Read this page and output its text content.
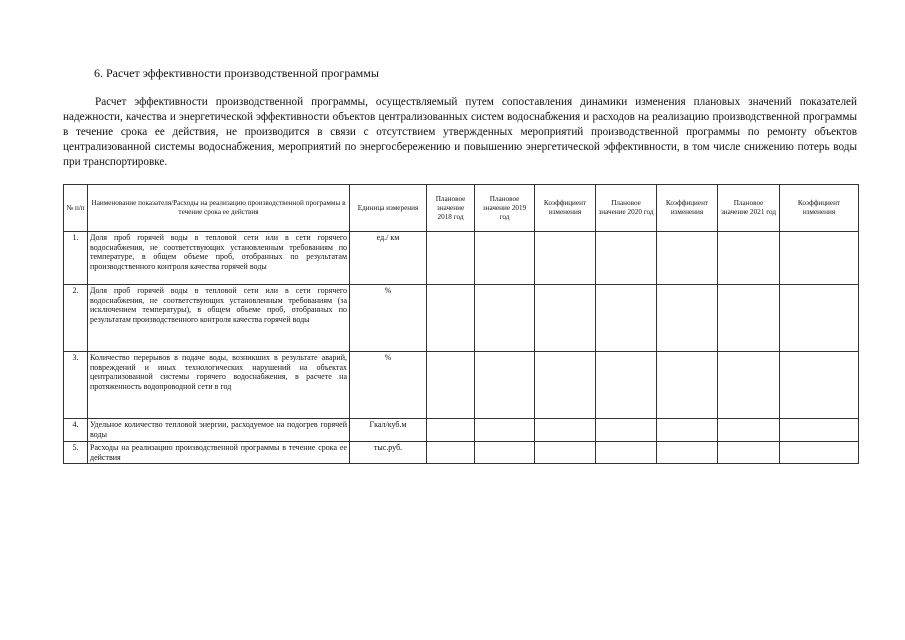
6. Расчет эффективности производственной программы
Расчет эффективности производственной программы, осуществляемый путем сопоставления динамики изменения плановых значений показателей надежности, качества и энергетической эффективности объектов централизованных систем водоснабжения и расходов на реализацию производственной программы в течение срока ее действия, не производится в связи с отсутствием утвержденных мероприятий производственной программы по ремонту объектов централизованной системы водоснабжения, мероприятий по энергосбережению и повышению энергетической эффективности, в том числе снижению потерь воды при транспортировке.
№ п/п	Наименование показателя/Расходы на реализацию производственной программы в течение срока ее действия	Единица измерения	Плановое значение 2018 год	Плановое значение 2019 год	Коэффициент изменения	Плановое значение 2020 год	Коэффициент изменения	Плановое значение 2021 год	Коэффициент изменения
1.	Доля проб горячей воды в тепловой сети или в сети горячего водоснабжения, не соответствующих установленным требованиям по температуре, в общем объеме проб, отобранных по результатам производственного контроля качества горячей воды	ед./ км							
2.	Доля проб горячей воды в тепловой сети или в сети горячего водоснабжения, не соответствующих установленным требованиям (за исключением температуры), в общем объеме проб, отобранных по результатам производственного контроля качества горячей воды	%							
3.	Количество перерывов в подаче воды, возникших в результате аварий, повреждений и иных технологических нарушений на объектах централизованной системы горячего водоснабжения, в расчете на протяженность водопроводной сети в год	%							
4.	Удельное количество тепловой энергии, расходуемое на подогрев горячей воды	Гкал/куб.м							
5.	Расходы на реализацию производственной программы в течение срока ее действия	тыс.руб.							
